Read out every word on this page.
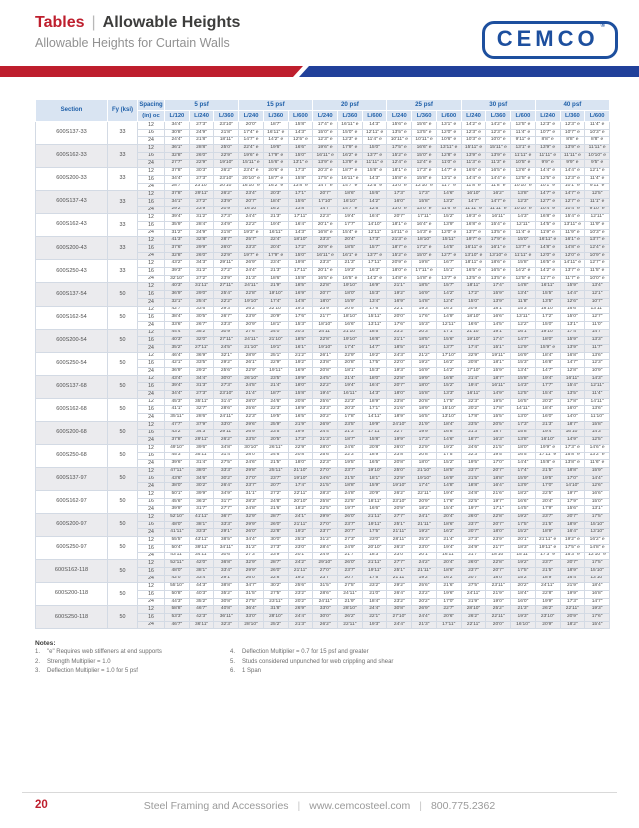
Tables | Allowable Heights
Allowable Heights for Curtain Walls	CEMCO ®
Section	Fy (ksi)	Spacing	5 psf			15 psf			20 psf			25 psf			30 psf			40 psf		
		(in) oc	L/120	L/240	L/360	L/240	L/360	L/600	L/240	L/360	L/600	L/240	L/360	L/600	L/240	L/360	L/600	L/240	L/360	L/600
600S137-33	33	12	34'4"	27'3"	23'10"	20'0"	18'7"	15'8"	17'4" e	16'11" e	14'3"	15'6" e	15'6" e	13'1" e	14'2" e	14'2" e	12'5" e	12'3" e	12'3" e	11'4" e
		16	30'8"	24'9"	21'8"	17'4" e	16'11" e	14'3"	15'0" e	15'0" e	12'11" e	13'5" e	13'5" e	12'0" e	12'3" e	12'3" e	11'4" e	10'7" e	10'7" e	10'3" e
		24	24'4"	21'8"	18'11"	14'7" e	14'2" e	12'5" e	12'3" e	12'3" e	11'4" e	10'11" e	10'11" e	10'6" e	10'3" e	10'0" e	9'11" e	8'8" e	8'8" e	8'8" e
600S162-33	33	12	36'1"	28'8"	25'0"	22'4" e	19'6"	16'6"	19'6" e	17'9" e	15'0"	17'5" e	16'6" e	13'11" e	15'11" e	15'11" e	13'1" e	13'9" e	13'9" e	11'11" e
		16	32'8"	26'0"	22'9"	19'6" e	17'9" e	15'0"	16'11" e	16'2" e	13'7" e	15'2" e	15'0" e	12'8" e	13'9" e	13'9" e	11'11" e	11'11" e	11'11" e	10'10" e
		24	27'7"	22'9"	19'10"	15'11" e	15'6" e	13'1" e	13'9" e	13'9" e	11'11" e	12'4" e	12'4" e	11'0" e	11'3" e	11'3" e	10'5" e	9'9" e	9'9" e	9'5" e
600S200-33	33	12	37'8"	30'3"	26'2"	23'4" e	20'6" e	17'3"	20'3" e	18'7" e	15'8" e	18'1" e	17'3" e	14'7" e	16'6" e	16'5" e	13'6" e	14'4" e	14'4" e	12'1" e
		16	34'4"	27'3"	23'10"	20'10" e	18'7" e	15'8"	17'5" e	16'11" e	14'3"	15'8" e	15'8" e	13'1" e	14'4" e	14'4" e	12'5" e	12'5" e	12'3" e	11'4" e
		24	28'7"	23'10"	20'10"	16'10" e	16'2" e	13'8" e	14'7" e	14'7" e	12'5" e	13'0" e	12'10" e	11'7" e	11'8" e	11'8" e	10'10" e	10'1" e	10'1" e	9'11" e
600S137-43	33	12	37'8"	29'11"	26'2"	23'4"	20'3"	17'1"	20'7"	18'6"	15'6"	17'3"	17'3"	14'6"	16'10"	16'2"	13'8"	14'7" e	14'7" e	12'5"
		16	34'1"	27'2"	23'9"	20'7"	18'4"	15'6"	17'10"	16'10"	14'2"	16'0"	15'8"	13'2"	14'7"	14'7" e	12'3"	12'7" e	12'7" e	11'1" e
		24	29'2"	23'9"	20'9"	16'10"	16'2"	13'8"	14'7"	14'7" e	12'5"	13'0" e	13'0" e	11'6" e	11'11" e	11'11" e	10'10" e	10'4" e	10'4" e	9'10" e
600S162-43	33	12	39'4"	31'2"	27'3"	24'4"	21'3"	17'11"	22'3"	19'4"	16'4"	20'7"	17'11"	15'2"	19'3" e	16'11"	14'3"	16'8" e	15'4" e	12'11"
		16	35'9"	28'4"	24'9"	22'2"	19'4"	16'4"	20'1" e	17'7"	14'10"	18'1" e	16'4" e	13'9"	16'8" e	15'4" e	12'11"	14'5" e	13'11" e	11'9" e
		24	31'2"	24'9"	21'8"	19'3" e	16'11"	14'3"	16'8" e	15'4" e	12'11"	14'11" e	14'3" e	12'0" e	13'7" e	13'5" e	11'4" e	11'9" e	11'9" e	10'3" e
600S200-43	33	12	41'3"	32'8"	28'7"	25'7"	22'4"	18'10"	23'3"	20'4"	17'3"	21'3" e	18'10"	15'11"	19'7" e	17'9" e	15'0"	16'11" e	16'1" e	13'7" e
		16	37'6"	29'9"	26'0"	23'3"	20'4"	17'2"	20'9" e	18'5"	15'7"	18'7" e	17'2" e	14'5"	16'11" e	16'1" e	13'7" e	14'8" e	14'8" e	12'4" e
		24	32'8"	26'0"	22'9"	19'7" e	17'9" e	15'0"	16'11" e	16'1" e	13'7" e	15'2" e	15'0" e	12'7" e	13'10" e	13'10" e	11'11" e	12'0" e	12'0" e	10'9" e
600S250-43	33	12	43'2"	34'3"	29'11"	26'9"	23'4"	19'8"	23'3"	21'3"	17'11"	20'9" e	19'8"	16'7"	18'11" e	18'6" e	15'8"	16'5" e	14'11" e	12'7" e
		16	39'3"	31'2"	27'2"	24'4"	21'3"	17'11"	20'1" e	19'3"	16'3"	18'0" e	17'11" e	15'1"	16'5" e	16'5" e	14'2" e	14'2" e	13'7" e	11'5" e
		24	32'10"	27'2"	23'9"	21'3"	18'6"	15'8"	16'5" e	16'5" e	14'2" e	14'8" e	14'8" e	13'7" e	13'5" e	13'5" e	12'5" e	11'7" e	11'7" e	10'0" e
600S137-54	50	12	40'3"	31'11"	27'11"	24'11"	21'9"	18'5"	22'8"	19'10"	16'9"	21'1"	18'5"	15'7"	18'11"	17'4"	14'8"	16'11"	15'9"	13'4"
		16	36'9"	29'0"	25'4"	22'8"	19'10"	16'9"	20'7"	18'0"	15'3"	19'2"	16'9"	14'2"	17'2"	15'9"	13'4"	15'5"	14'4"	12'1"
		24	32'1"	25'4"	22'2"	19'10"	17'4"	14'8"	18'0"	15'9"	13'4"	16'9"	14'8"	12'4"	15'0"	13'9"	11'8"	13'5"	12'6"	10'7"
600S162-54	50	12	42'7"	33'6"	29'3"	26'2"	22'10"	19'3"	23'9"	20'9"	17'6"	22'1"	19'3"	16'3"	20'9"	18'1"	15'3"	18'10"	16'6"	13'11"
		16	38'4"	30'5"	26'7"	23'9"	20'9"	17'6"	21'7"	18'10"	15'11"	20'0"	17'6"	14'9"	18'10"	16'6"	13'11"	17'2"	15'0"	12'7"
		24	33'6"	26'7"	23'3"	20'9"	18'1"	15'3"	18'10"	16'6"	13'11"	17'6"	15'3"	12'11"	16'6"	14'5"	12'2"	15'0"	13'1"	11'0"
600S200-54	50	12	44'4"	35'2"	30'9"	27'6"	24'0"	20'3"	24'11"	21'10"	18'5"	23'2"	20'3"	17'1"	21'10"	19'1"	16'1"	19'10"	17'4"	14'7"
		16	40'3"	32'0"	27'11"	24'11"	21'10"	18'5"	22'8"	19'10"	16'8"	21'1"	18'5"	15'6"	19'10"	17'4"	14'7"	18'0"	15'9"	13'3"
		24	35'2"	27'11"	24'5"	21'10"	19'1"	16'1"	19'10"	17'4"	14'7"	18'5"	16'1"	13'7"	17'4"	15'1"	12'9"	15'9" e	13'9"	11'7"
600S250-54	50	12	46'4"	36'9"	32'1"	28'9"	25'1"	21'2"	26'1"	22'9"	19'2"	24'3"	21'2"	17'10"	22'9"	19'11"	16'9"	18'4"	16'8"	13'6"
		16	42'1"	33'5"	29'2"	26'1"	22'9"	19'2"	23'8"	20'8"	17'5"	22'0"	19'2"	16'2"	20'8"	18'1"	15'3"	16'8"	14'7"	12'3"
		24	36'9"	29'2"	25'6"	22'9"	19'11"	16'9"	20'8"	18'1"	15'3"	19'3"	16'9"	14'2"	17'10"	15'9"	13'4"	14'7"	12'8"	10'9"
600S137-68	50	12	43'4"	34'4"	30'0"	26'10"	23'5"	19'9"	24'5"	21'4"	18'0"	22'8"	19'9"	16'8"	21'4"	18'7"	15'8"	19'4"	16'11"	14'3"
		16	39'4"	31'3"	27'3"	24'5"	21'4"	18'0"	22'2"	19'4"	16'4"	20'7"	18'0"	15'2"	19'4"	16'11"	14'3"	17'7"	15'4"	12'11"
		24	34'4"	27'3"	23'10"	21'4"	18'7"	15'8"	19'4"	16'11"	14'3"	18'0"	15'8"	13'3"	16'11"	14'9"	12'5"	15'4"	13'5"	11'4"
600S162-68	50	12	45'3"	35'11"	31'4"	28'0"	24'6"	20'8"	25'6"	22'3"	18'9"	23'8"	20'8"	17'5"	22'3"	19'5"	16'5"	20'2"	17'8"	14'11"
		16	41'1"	32'7"	28'6"	25'6"	22'3"	18'9"	23'3"	20'3"	17'1"	21'6"	18'9"	15'10"	20'2"	17'8"	14'11"	18'4"	16'0"	13'6"
		24	35'11"	28'6"	24'11"	22'3"	19'5"	16'5"	20'2"	17'8"	14'11"	18'9"	16'5"	13'10"	17'8"	15'5"	13'0"	16'0"	14'0"	11'10"
600S200-68	50	12	47'7"	37'9"	33'0"	29'6"	25'9"	21'9"	26'9"	23'5"	19'9"	24'10"	21'9"	18'4"	23'5"	20'5"	17'3"	21'3"	18'7"	15'8"
		16	43'2"	34'3"	29'11"	26'9"	23'5"	19'9"	24'4"	21'3"	17'11"	22'7"	19'9"	16'8"	21'3"	18'7"	15'8"	19'4"	16'10"	14'3"
		24	37'8"	29'11"	26'2"	23'5"	20'5"	17'3"	21'3"	18'7"	15'8"	19'9"	17'3"	14'6"	18'7"	16'3"	13'8"	16'10"	14'9"	12'5"
600S250-68	50	12	49'10"	39'6"	34'8"	30'10"	26'11"	22'9"	28'0"	24'6"	20'8"	26'0"	22'9"	19'2"	24'6"	21'5"	18'0"	19'9" e	17'3" e	14'6" e
		16	45'3"	35'11"	31'4"	28'0"	24'6"	20'8"	25'6"	22'3"	18'9"	23'8"	20'8"	17'5"	22'3"	19'5"	16'5"	17'11" e	15'8" e	13'2" e
		24	39'6"	31'4"	27'5"	24'6"	21'5"	18'0"	22'3"	19'5"	16'5"	20'8"	18'0"	15'2"	19'5"	17'0"	14'4"	15'8" e	13'8" e	11'6" e
600S137-97	50	12	47'11"	38'0"	33'3"	29'8"	25'11"	21'10"	27'0"	23'7"	19'10"	25'0"	21'10"	18'5"	23'7"	20'7"	17'4"	21'5"	18'8"	15'9"
		16	43'6"	34'6"	30'2"	27'0"	23'7"	19'10"	24'6"	21'5"	18'1"	22'9"	19'10"	16'9"	21'5"	18'8"	15'9"	19'5"	17'0"	14'4"
		24	38'0"	30'2"	26'4"	23'7"	20'7"	17'4"	21'5"	18'8"	15'9"	19'10"	17'4"	14'8"	18'8"	16'4"	13'9"	17'0"	14'10"	12'6"
600S162-97	50	12	50'1"	39'9"	34'9"	31'1"	27'2"	22'11"	28'3"	24'8"	20'9"	26'2"	22'11"	19'4"	24'8"	21'6"	18'2"	22'5"	19'7"	16'6"
		16	45'6"	36'2"	31'7"	28'3"	24'8"	20'10"	25'8"	22'5"	18'11"	23'10"	20'9"	17'6"	22'5"	19'7"	16'6"	20'4"	17'9"	15'0"
		24	39'9"	31'7"	27'7"	24'8"	21'6"	18'2"	22'5"	19'7"	16'6"	20'9"	18'2"	15'4"	19'7"	17'1"	14'5"	17'9"	15'6"	13'1"
600S200-97	50	12	52'10"	41'11"	36'7"	32'9"	28'7"	24'1"	29'9"	26'0"	21'11"	27'7"	24'1"	20'4"	26'0"	22'8"	19'2"	23'7"	20'7"	17'5"
		16	48'0"	38'1"	33'3"	29'9"	26'0"	21'11"	27'0"	23'7"	19'11"	25'1"	21'11"	18'6"	23'7"	20'7"	17'5"	21'5"	18'9"	15'10"
		24	41'11"	33'3"	29'1"	26'0"	22'8"	19'2"	23'7"	20'7"	17'5"	21'11"	19'2"	16'2"	20'7"	18'0"	15'2"	18'9"	16'4"	13'10"
600S250-97	50	12	55'5"	43'11"	38'5"	34'4"	30'0"	25'3"	31'2"	27'3"	23'0"	28'11"	25'3"	21'4"	27'3"	23'9"	20'1"	21'11" e	19'2" e	16'2" e
		16	50'4"	39'11"	34'11"	31'2"	27'3"	23'0"	28'4"	24'9"	20'10"	26'3"	23'0"	19'4"	24'9"	21'7"	18'3"	19'11" e	17'5" e	14'8" e
		24	43'11"	34'11"	30'6"	27'3"	23'9"	20'1"	24'9"	21'7"	18'3"	23'0"	20'1"	16'11"	21'7"	18'10"	15'11"	17'3" e	15'3" e	12'10" e
600S162-118	50	12	52'11"	42'0"	36'8"	32'9"	28'7"	24'2"	29'10"	26'0"	21'11"	27'7"	24'2"	20'4"	26'0"	22'8"	19'2"	23'7"	20'7"	17'5"
		16	48'0"	38'1"	33'4"	29'9"	26'0"	21'11"	27'0"	23'7"	19'11"	25'1"	21'11"	18'6"	23'7"	20'7"	17'5"	21'5"	18'9"	15'10"
		24	42'0"	33'4"	29'1"	26'0"	22'8"	19'2"	23'7"	20'7"	17'5"	21'11"	19'2"	16'2"	20'7"	18'0"	15'2"	18'9"	16'4"	13'10"
600S200-118	50	12	55'10"	44'3"	38'8"	34'7"	30'2"	25'6"	31'5"	27'5"	23'2"	29'2"	25'6"	21'6"	27'5"	23'11"	20'2"	24'11"	21'9"	18'4"
		16	50'8"	40'3"	35'2"	31'5"	27'5"	23'2"	28'6"	24'11"	21'0"	26'4"	23'2"	19'6"	24'11"	21'9"	18'4"	22'8"	19'9"	16'8"
		24	44'3"	35'2"	30'8"	27'5"	23'11"	20'2"	24'11"	21'9"	18'4"	23'2"	20'2"	17'0"	21'9"	19'0"	16'0"	19'9"	17'3"	14'7"
600S250-118	50	12	58'8"	46'7"	40'8"	36'4"	31'8"	26'9"	33'0"	28'10"	24'4"	30'8"	26'9"	22'7"	28'10"	25'2"	21'3"	26'2"	22'11"	19'3"
		16	53'3"	42'3"	36'11"	33'0"	28'10"	24'4"	30'0"	26'2"	22'1"	27'10"	24'4"	20'6"	26'2"	22'11"	19'3"	23'10"	20'9"	17'6"
		24	46'7"	36'11"	32'3"	28'10"	25'2"	21'3"	26'2"	22'11"	19'3"	24'4"	21'3"	17'11"	22'11"	20'0"	16'10"	20'9"	18'2"	15'4"
Notes:
1.	"e" Requires web stiffeners at end supports
2.	Strength Multiplier = 1.0
3.	Deflection Multiplier = 1.0 for 5 psf
4.	Deflection Multiplier = 0.7 for 15 psf and greater
5.	Studs considered unpunched for web crippling and shear
6.	1 Span
20	Steel Framing and Accessories | www.cemcosteel.com | 800.775.2362
